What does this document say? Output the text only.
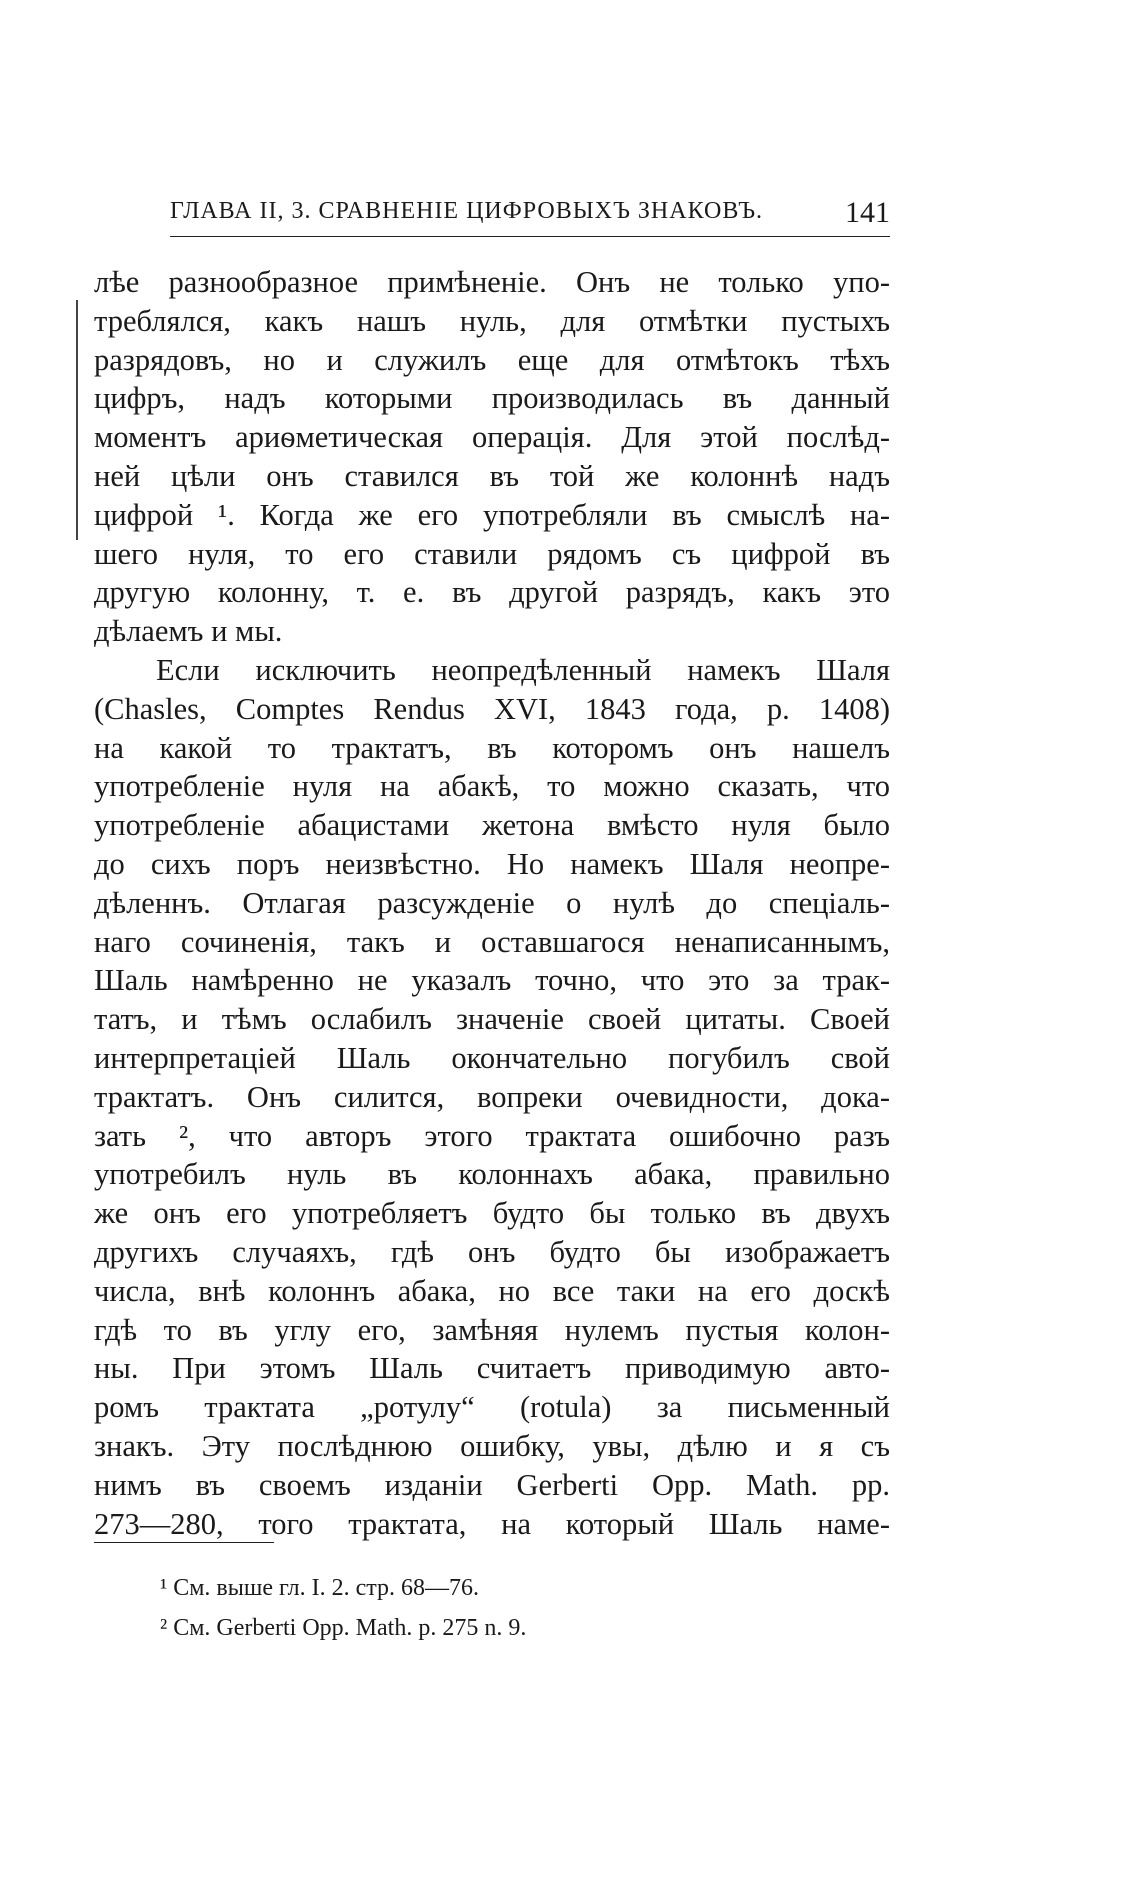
ГЛАВА II, 3. СРАВНЕНІЕ ЦИФРОВЫХЪ ЗНАКОВЪ.	141
лѣе разнообразное примѣненіе. Онъ не только упо-
треблялся, какъ нашъ нуль, для отмѣтки пустыхъ
разрядовъ, но и служилъ еще для отмѣтокъ тѣхъ
цифръ, надъ которыми производилась въ данный
моментъ ариѳметическая операція. Для этой послѣд-
ней цѣли онъ ставился въ той же колоннѣ надъ
цифрой ¹. Когда же его употребляли въ смыслѣ на-
шего нуля, то его ставили рядомъ съ цифрой въ
другую колонну, т. е. въ другой разрядъ, какъ это
дѣлаемъ и мы.
Если исключить неопредѣленный намекъ Шаля
(Chasles, Comptes Rendus XVI, 1843 года, p. 1408)
на какой то трактатъ, въ которомъ онъ нашелъ
употребленіе нуля на абакѣ, то можно сказать, что
употребленіе абацистами жетона вмѣсто нуля было
до сихъ поръ неизвѣстно. Но намекъ Шаля неопре-
дѣленнъ. Отлагая разсужденіе о нулѣ до спеціаль-
наго сочиненія, такъ и оставшагося ненаписаннымъ,
Шаль намѣренно не указалъ точно, что это за трак-
татъ, и тѣмъ ослабилъ значеніе своей цитаты. Своей
интерпретаціей Шаль окончательно погубилъ свой
трактатъ. Онъ силится, вопреки очевидности, дока-
зать ², что авторъ этого трактата ошибочно разъ
употребилъ нуль въ колоннахъ абака, правильно
же онъ его употребляетъ будто бы только въ двухъ
другихъ случаяхъ, гдѣ онъ будто бы изображаетъ
числа, внѣ колоннъ абака, но все таки на его доскѣ
гдѣ то въ углу его, замѣняя нулемъ пустыя колон-
ны. При этомъ Шаль считаетъ приводимую авто-
ромъ трактата „ротулу“ (rotula) за письменный
знакъ. Эту послѣднюю ошибку, увы, дѣлю и я съ
нимъ въ своемъ изданіи Gerberti Opp. Math. pp.
273—280, того трактата, на который Шаль наме-
¹ См. выше гл. I. 2. стр. 68—76.
² См. Gerberti Opp. Math. p. 275 n. 9.
